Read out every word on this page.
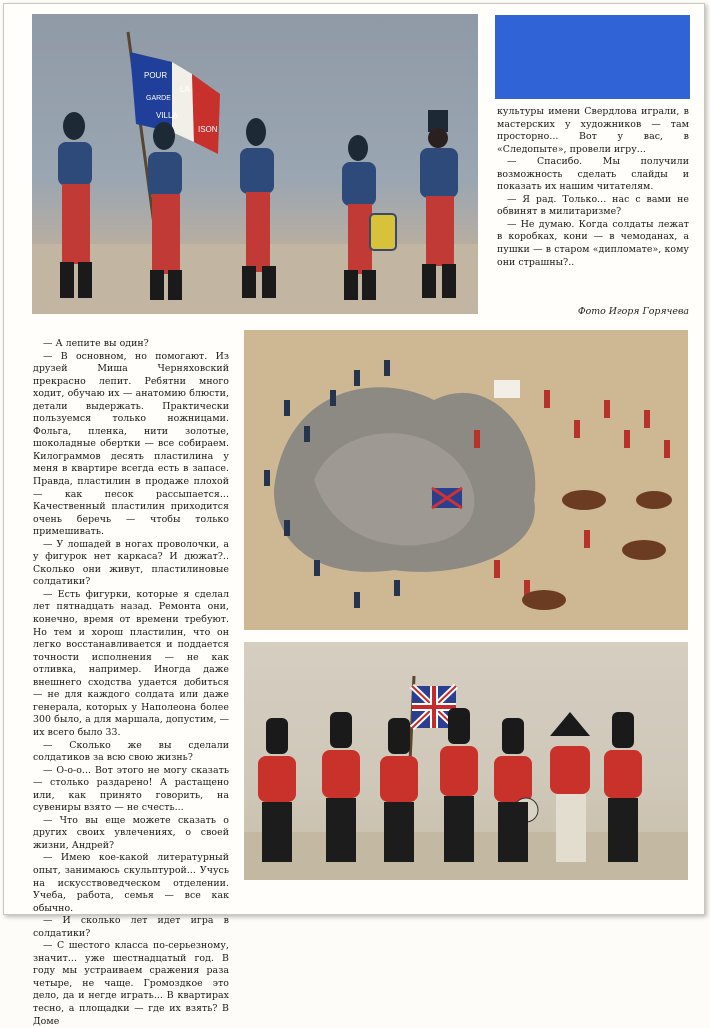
POUR
LA
GARDE
VILLA
ISON

культуры имени Свердлова играли, в мастерских у художников — там просторно... Вот у вас, в «Следопыте», провели игру...

— Спасибо. Мы получили возможность сделать слайды и показать их нашим читателям.

— Я рад. Только... нас с вами не обвинят в милитаризме?

— Не думаю. Когда солдаты лежат в коробках, кони — в чемоданах, а пушки — в старом «дипломате», кому они страшны?..

Фото Игоря Горячева

— А лепите вы один?

— В основном, но помогают. Из друзей Миша Черняховский прекрасно лепит. Ребятни много ходит, обучаю их — анатомию блюсти, детали выдержать. Практически пользуемся только ножницами. Фольга, пленка, нити золотые, шоколадные обертки — все собираем. Килограммов десять пластилина у меня в квартире всегда есть в запасе. Правда, пластилин в продаже плохой — как песок рассыпается... Качественный пластилин приходится очень беречь — чтобы только примешивать.

— У лошадей в ногах проволочки, а у фигурок нет каркаса? И дюжат?.. Сколько они живут, пластилиновые солдатики?

— Есть фигурки, которые я сделал лет пятнадцать назад. Ремонта они, конечно, время от времени требуют. Но тем и хорош пластилин, что он легко восстанавливается и поддается точности исполнения — не как отливка, например. Иногда даже внешнего сходства удается добиться — не для каждого солдата или даже генерала, которых у Наполеона более 300 было, а для маршала, допустим, — их всего было 33.

— Сколько же вы сделали солдатиков за всю свою жизнь?

— О-о-о... Вот этого не могу сказать — столько раздарено! А растащено или, как принято говорить, на сувениры взято — не счесть...

— Что вы еще можете сказать о других своих увлечениях, о своей жизни, Андрей?

— Имею кое-какой литературный опыт, занимаюсь скульптурой... Учусь на искусствоведческом отделении. Учеба, работа, семья — все как обычно.

— И сколько лет идет игра в солдатики?

— С шестого класса по-серьезному, значит... уже шестнадцатый год. В году мы устраиваем сражения раза четыре, не чаще. Громоздкое это дело, да и негде играть... В квартирах тесно, а площадки — где их взять? В Доме
